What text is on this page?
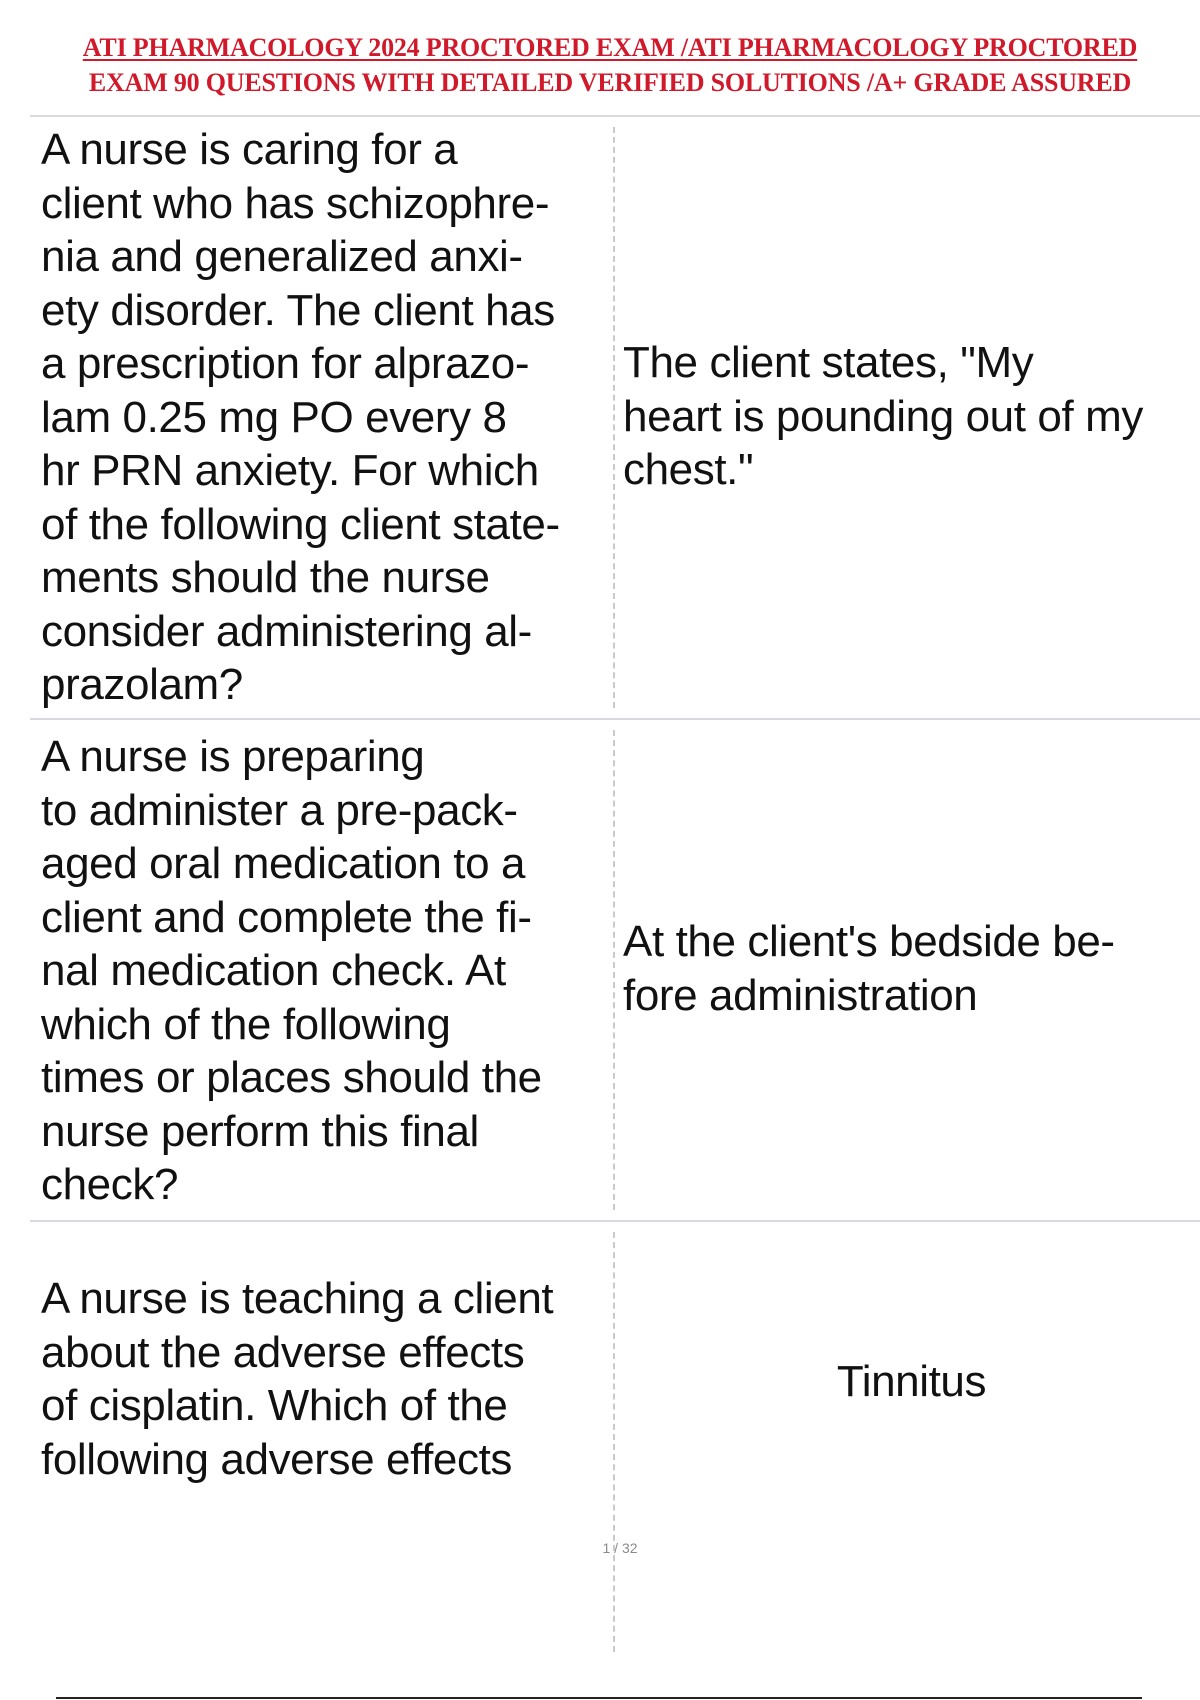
ATI PHARMACOLOGY 2024 PROCTORED EXAM /ATI PHARMACOLOGY PROCTORED
EXAM 90 QUESTIONS WITH DETAILED VERIFIED SOLUTIONS /A+ GRADE ASSURED
A nurse is caring for a
client who has schizophre-
nia and generalized anxi-
ety disorder. The client has
a prescription for alprazo-
lam 0.25 mg PO every 8
hr PRN anxiety. For which
of the following client state-
ments should the nurse
consider administering al-
prazolam?
The client states, "My
heart is pounding out of my
chest."
A nurse is preparing
to administer a pre-pack-
aged oral medication to a
client and complete the fi-
nal medication check. At
which of the following
times or places should the
nurse perform this final
check?
At the client's bedside be-
fore administration
A nurse is teaching a client
about the adverse effects
of cisplatin. Which of the
following adverse effects
Tinnitus
1 / 32
